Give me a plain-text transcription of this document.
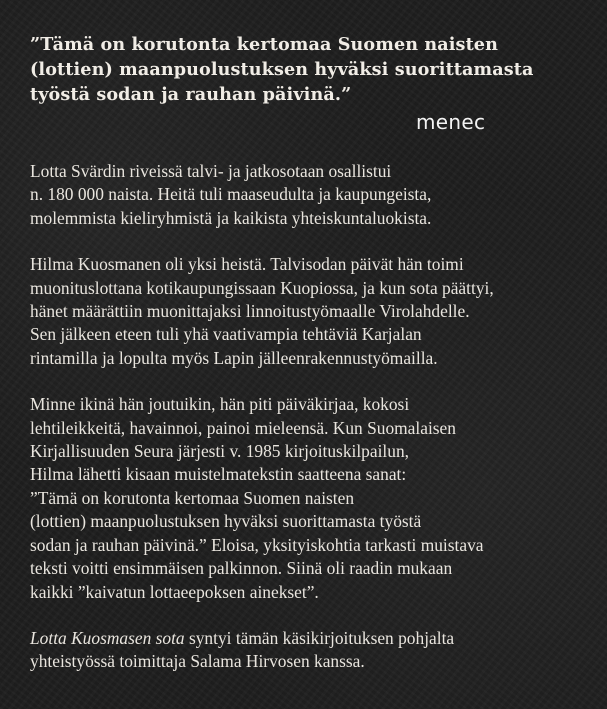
”Tämä on korutonta kertomaa Suomen naisten
(lottien) maanpuolustuksen hyväksi suorittamasta
työstä sodan ja rauhan päivinä.”

menec

Lotta Svärdin riveissä talvi- ja jatkosotaan osallistui
n. 180 000 naista. Heitä tuli maaseudulta ja kaupungeista,
molemmista kieliryhmistä ja kaikista yhteiskuntaluokista.

Hilma Kuosmanen oli yksi heistä. Talvisodan päivät hän toimi
muonituslottana kotikaupungissaan Kuopiossa, ja kun sota päättyi,
hänet määrättiin muonittajaksi linnoitustyömaalle Virolahdelle.
Sen jälkeen eteen tuli yhä vaativampia tehtäviä Karjalan
rintamilla ja lopulta myös Lapin jälleenrakennustyömailla.

Minne ikinä hän joutuikin, hän piti päiväkirjaa, kokosi
lehtileikkeitä, havainnoi, painoi mieleensä. Kun Suomalaisen
Kirjallisuuden Seura järjesti v. 1985 kirjoituskilpailun,
Hilma lähetti kisaan muistelmatekstin saatteena sanat:
”Tämä on korutonta kertomaa Suomen naisten
(lottien) maanpuolustuksen hyväksi suorittamasta työstä
sodan ja rauhan päivinä.” Eloisa, yksityiskohtia tarkasti muistava
teksti voitti ensimmäisen palkinnon. Siinä oli raadin mukaan
kaikki ”kaivatun lottaeepoksen ainekset”.

Lotta Kuosmasen sota syntyi tämän käsikirjoituksen pohjalta
yhteistyössä toimittaja Salama Hirvosen kanssa.
